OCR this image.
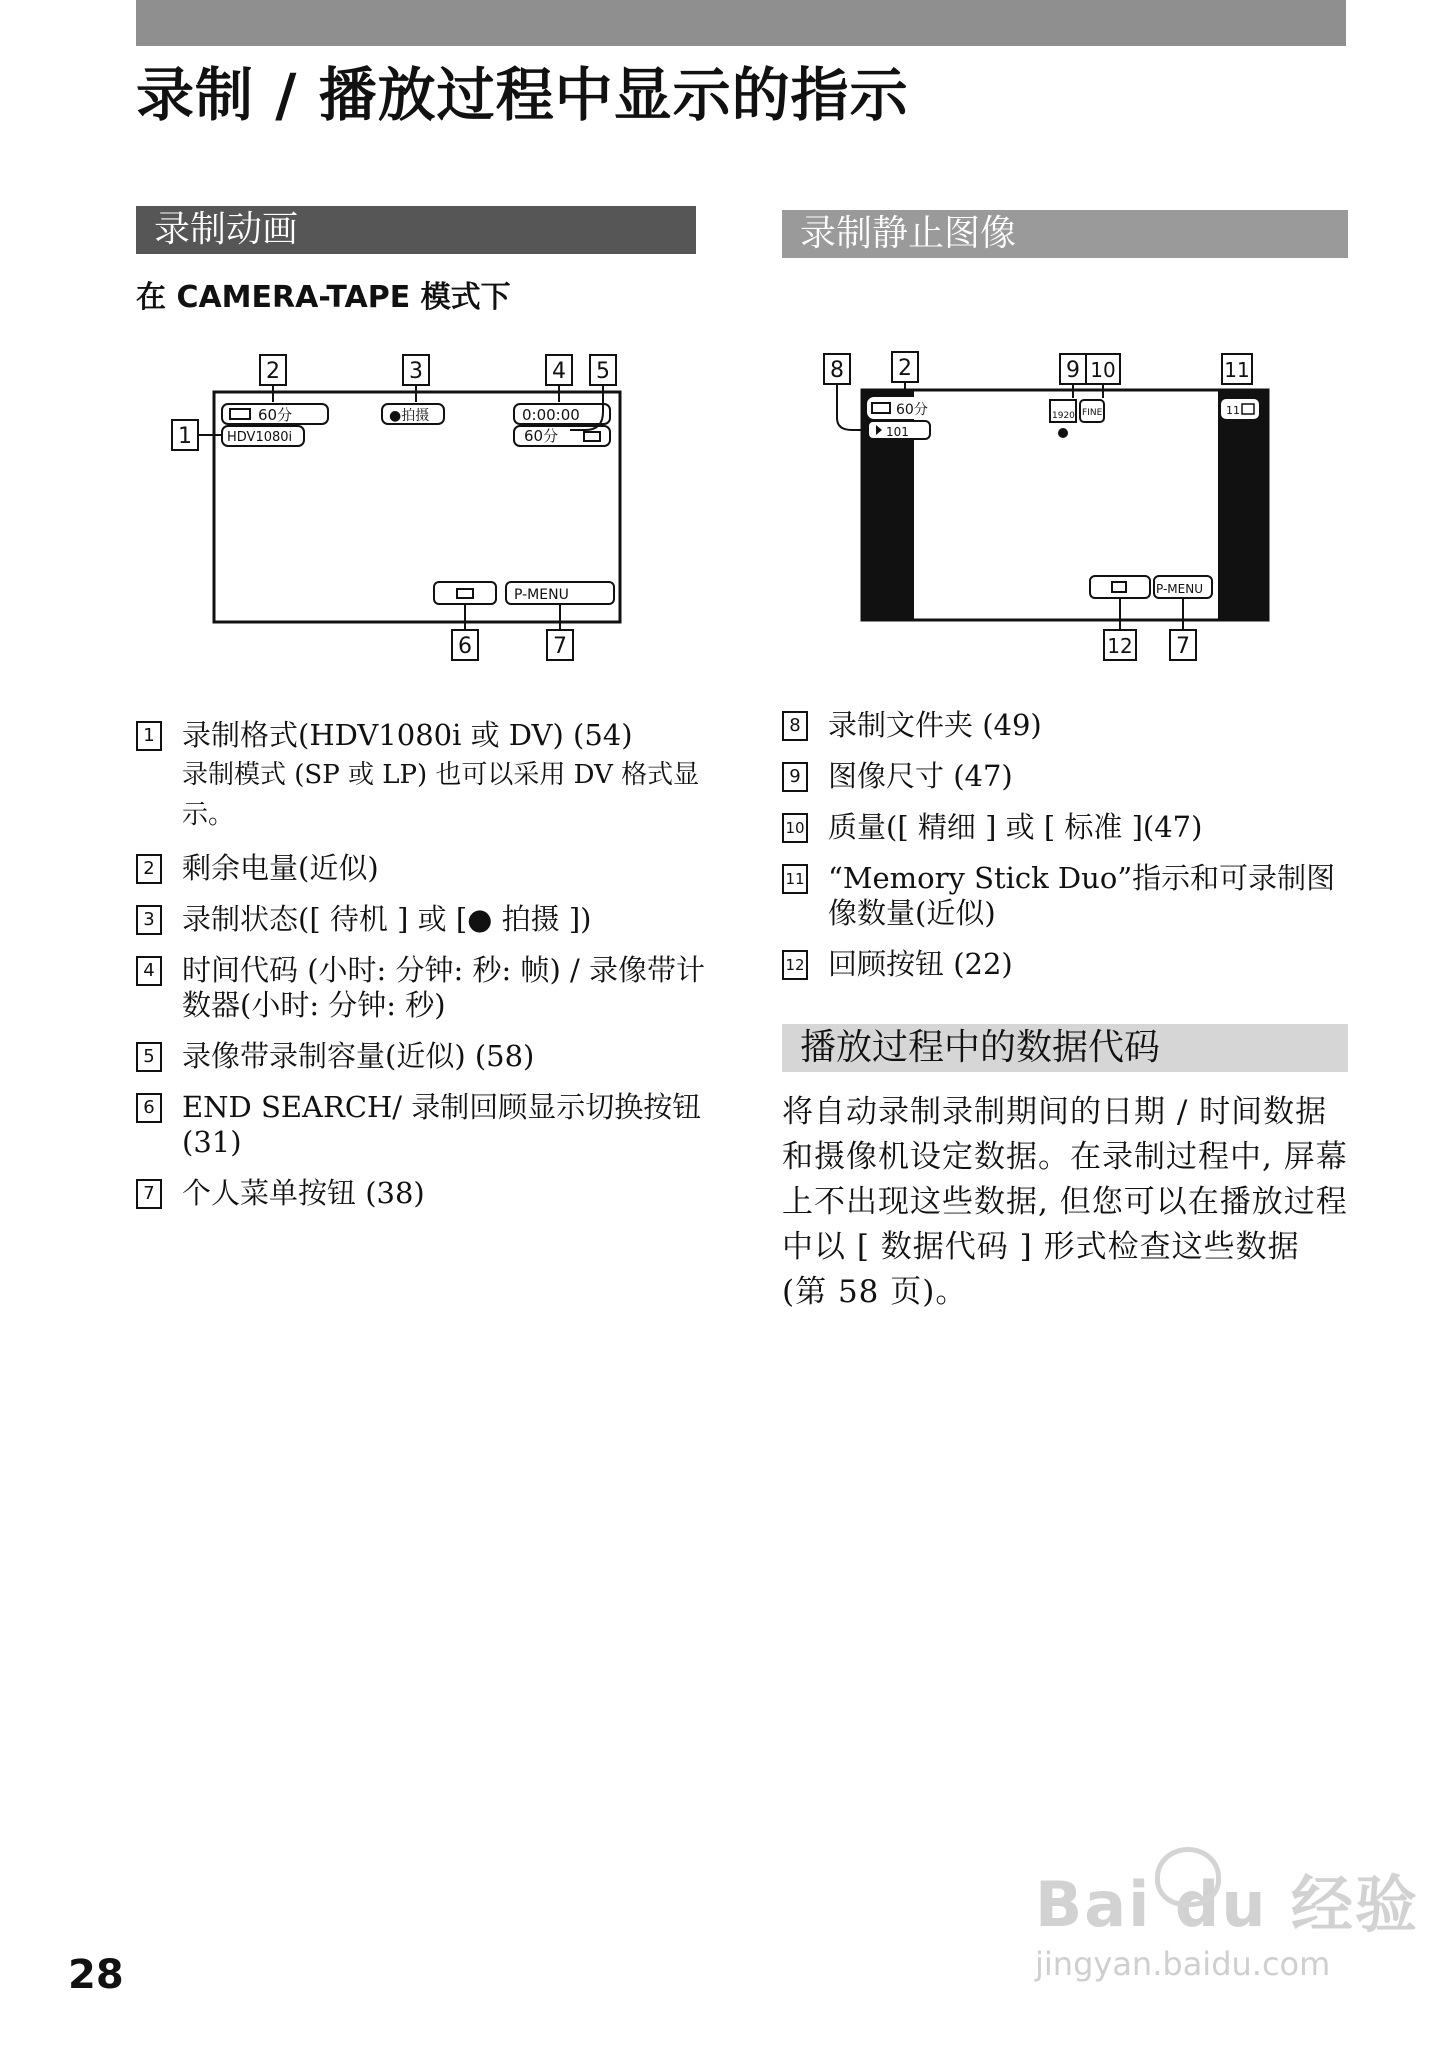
录制 / 播放过程中显示的指示
录制动画
在 CAMERA-TAPE 模式下
2	3	4 5
1
60分
HDV1080i
●拍摄	0:00:00
60分
P-MENU
6	7
1 录制格式(HDV1080i 或 DV) (54)
录制模式 (SP 或 LP) 也可以采用 DV 格式显示。
2 剩余电量(近似)
3 录制状态([ 待机 ] 或 [● 拍摄 ])
4 时间代码 (小时: 分钟: 秒: 帧) / 录像带计数器(小时: 分钟: 秒)
5 录像带录制容量(近似) (58)
6 END SEARCH/ 录制回顾显示切换按钮 (31)
7 个人菜单按钮 (38)
录制静止图像
8 2	9 10	11
60分
101
1920 FINE	11
P-MENU
12 7
8 录制文件夹 (49)
9 图像尺寸 (47)
10 质量([ 精细 ] 或 [ 标准 ](47)
11 “Memory Stick Duo”指示和可录制图像数量(近似)
12 回顾按钮 (22)
播放过程中的数据代码

将自动录制录制期间的日期 / 时间数据和摄像机设定数据。在录制过程中, 屏幕上不出现这些数据, 但您可以在播放过程中以 [ 数据代码 ] 形式检查这些数据 (第 58 页)。

28
Bai du 经验
jingyan.baidu.com
